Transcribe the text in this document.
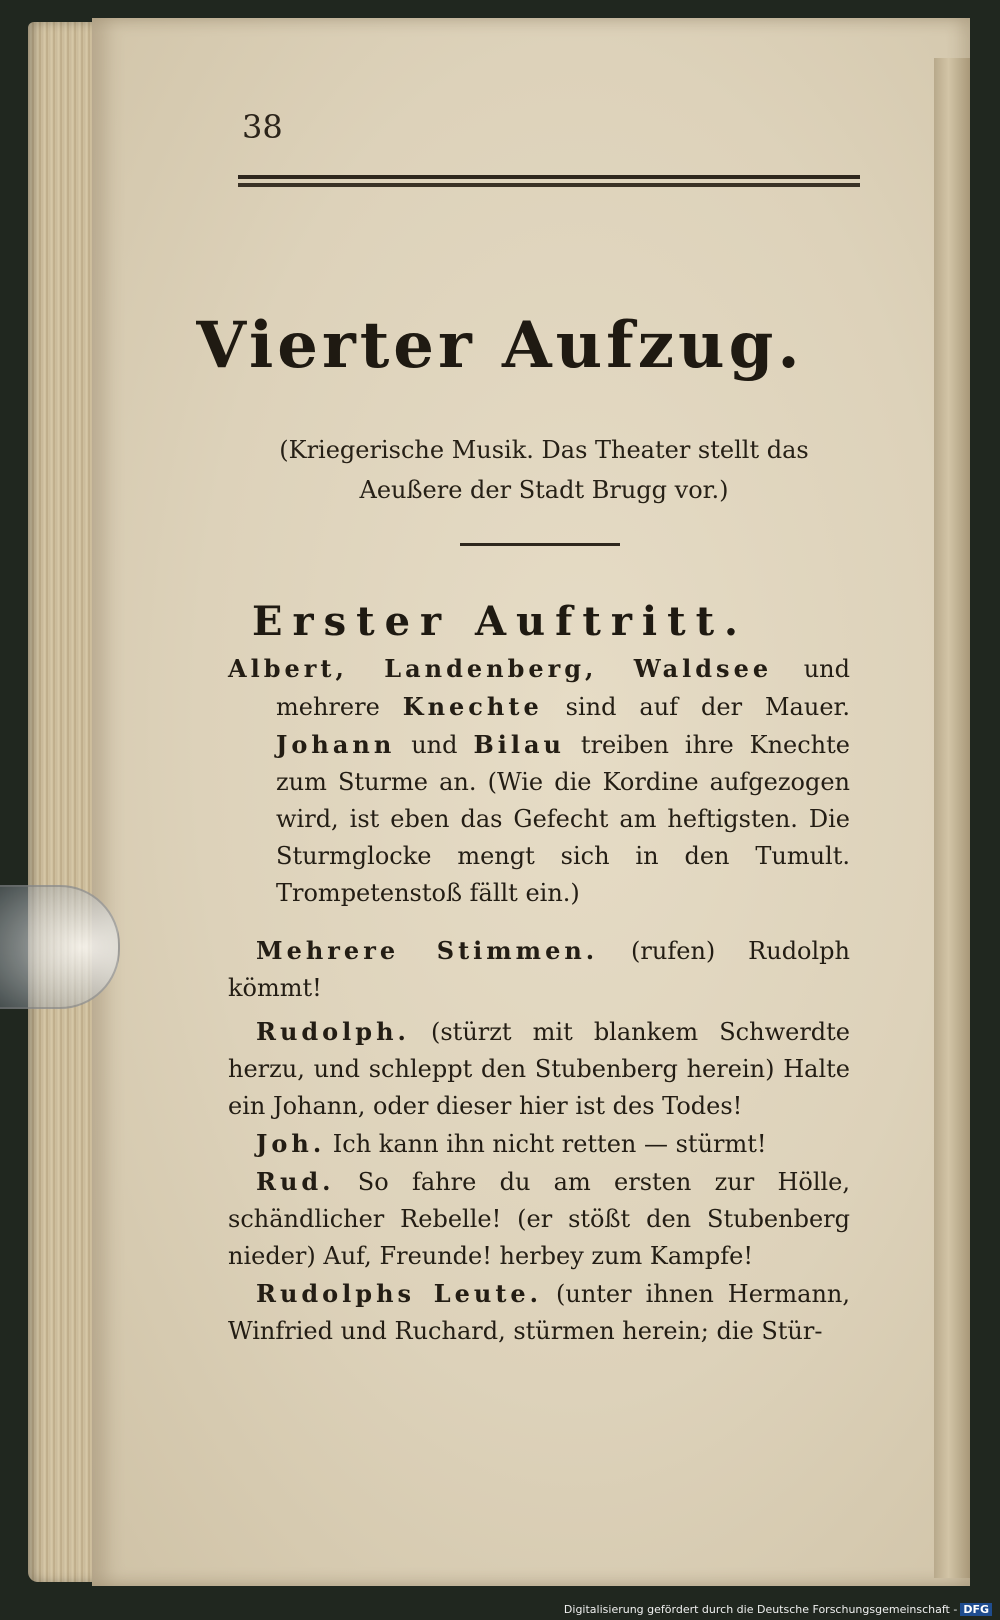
38
Vierter Aufzug.
(Kriegerische Musik. Das Theater stellt das Aeußere der Stadt Brugg vor.)
Erster Auftritt.

Albert, Landenberg, Waldsee und mehrere Knechte sind auf der Mauer. Johann und Bilau treiben ihre Knechte zum Sturme an. (Wie die Kordine aufgezogen wird, ist eben das Gefecht am heftigsten. Die Sturmglocke mengt sich in den Tumult. Trompetenstoß fällt ein.)

Mehrere Stimmen. (rufen) Rudolph kömmt!

Rudolph. (stürzt mit blankem Schwerdte herzu, und schleppt den Stubenberg herein) Halte ein Johann, oder dieser hier ist des Todes!

Joh. Ich kann ihn nicht retten — stürmt!

Rud. So fahre du am ersten zur Hölle, schändlicher Rebelle! (er stößt den Stubenberg nieder) Auf, Freunde! herbey zum Kampfe!

Rudolphs Leute. (unter ihnen Hermann, Winfried und Ruchard, stürmen herein; die Stür-

Digitalisierung gefördert durch die Deutsche Forschungsgemeinschaft - DFG
